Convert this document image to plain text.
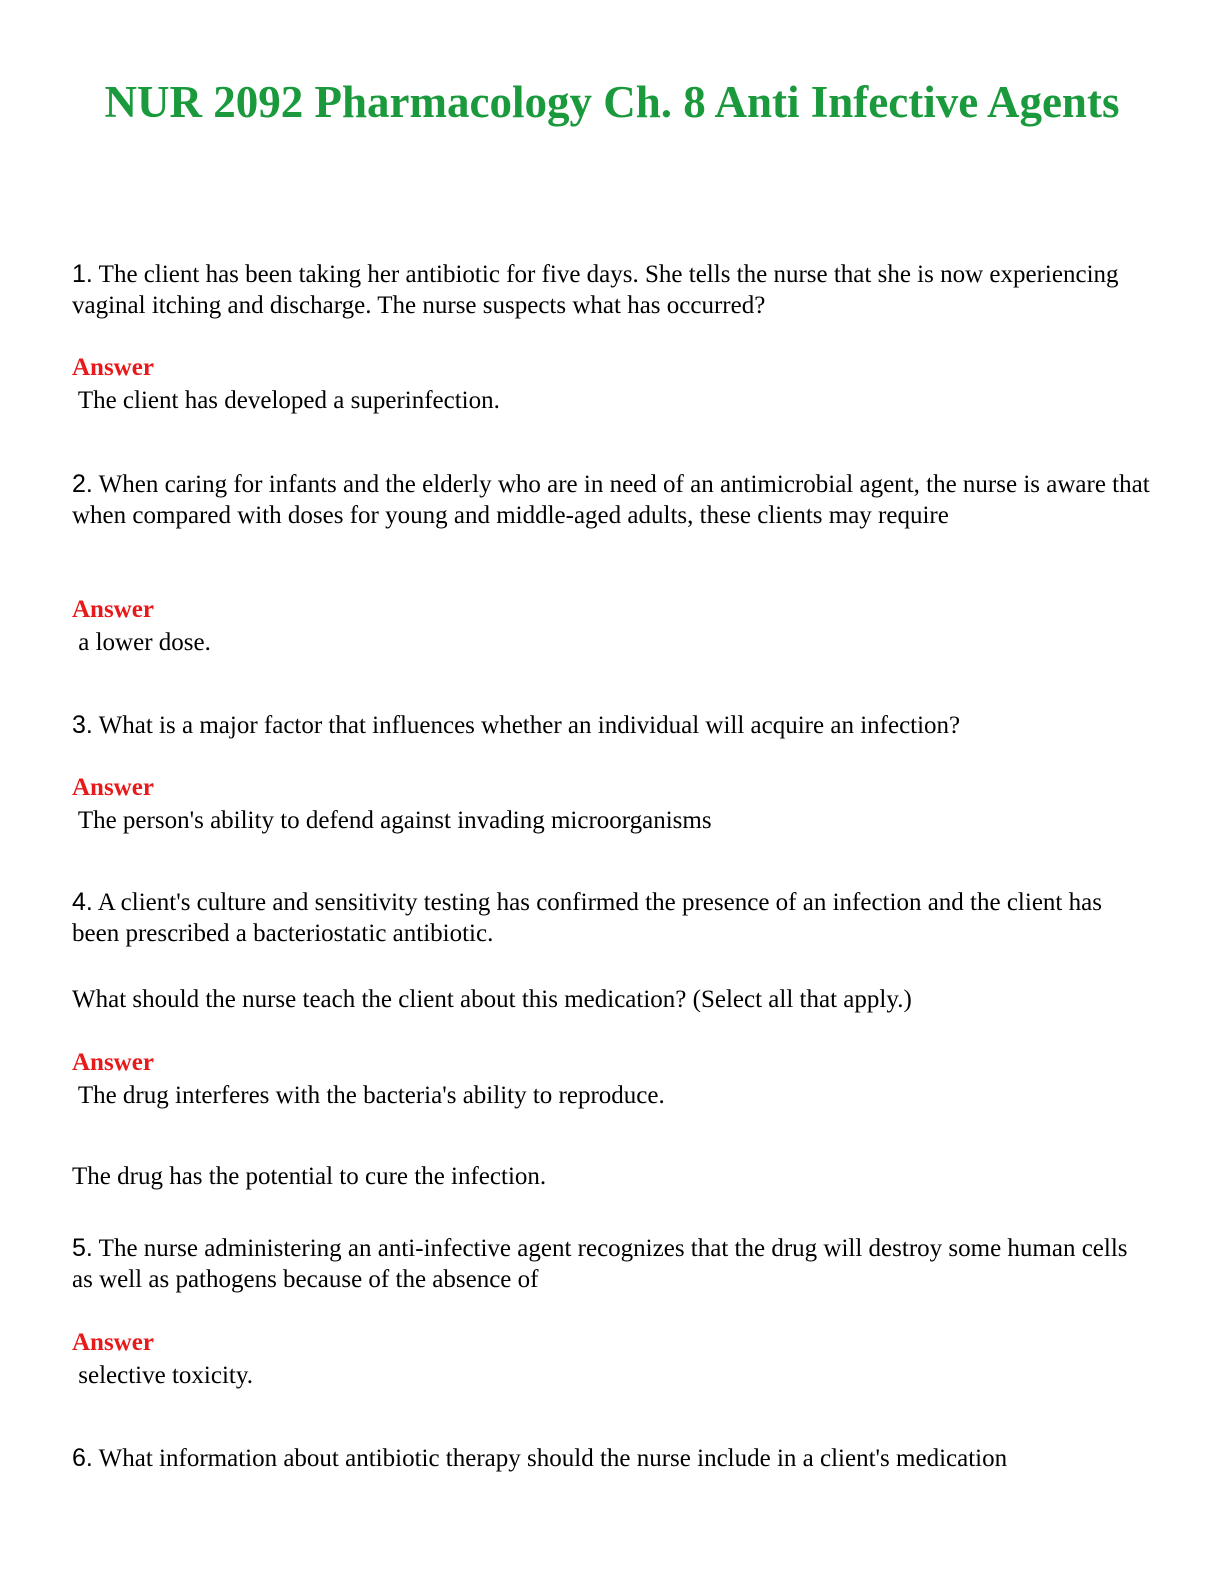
NUR 2092 Pharmacology Ch. 8 Anti Infective Agents
1. The client has been taking her antibiotic for five days. She tells the nurse that she is now experiencing vaginal itching and discharge. The nurse suspects what has occurred?
Answer
The client has developed a superinfection.
2. When caring for infants and the elderly who are in need of an antimicrobial agent, the nurse is aware that when compared with doses for young and middle-aged adults, these clients may require
Answer
a lower dose.
3. What is a major factor that influences whether an individual will acquire an infection?
Answer
The person's ability to defend against invading microorganisms
4. A client's culture and sensitivity testing has confirmed the presence of an infection and the client has been prescribed a bacteriostatic antibiotic.
What should the nurse teach the client about this medication? (Select all that apply.)
Answer
The drug interferes with the bacteria's ability to reproduce.
The drug has the potential to cure the infection.
5. The nurse administering an anti-infective agent recognizes that the drug will destroy some human cells as well as pathogens because of the absence of
Answer
selective toxicity.
6. What information about antibiotic therapy should the nurse include in a client's medication
